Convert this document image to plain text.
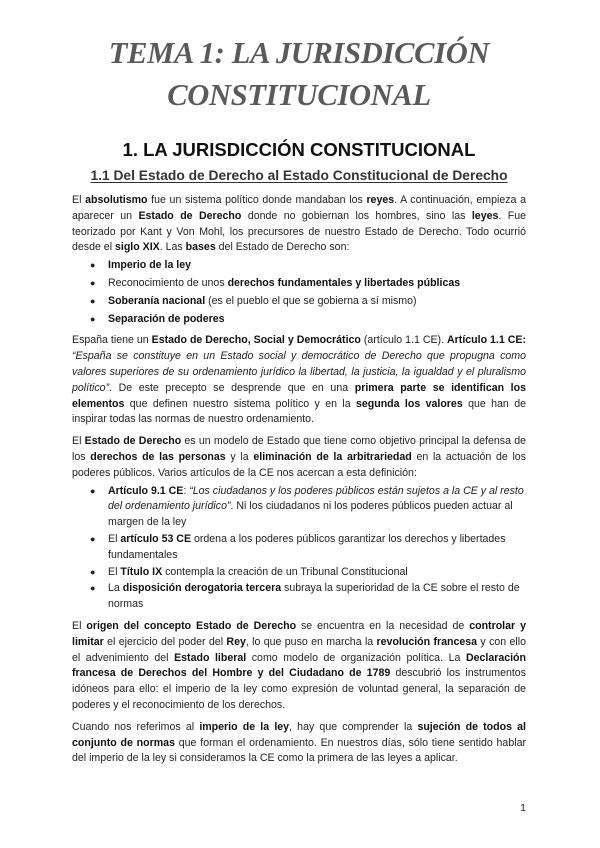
TEMA 1: LA JURISDICCIÓN
CONSTITUCIONAL
1. LA JURISDICCIÓN CONSTITUCIONAL
1.1 Del Estado de Derecho al Estado Constitucional de Derecho

El absolutismo fue un sistema político donde mandaban los reyes. A continuación, empieza a aparecer un Estado de Derecho donde no gobiernan los hombres, sino las leyes. Fue teorizado por Kant y Von Mohl, los precursores de nuestro Estado de Derecho. Todo ocurrió desde el siglo XIX. Las bases del Estado de Derecho son:

● Imperio de la ley
● Reconocimiento de unos derechos fundamentales y libertades públicas
● Soberanía nacional (es el pueblo el que se gobierna a sí mismo)
● Separación de poderes

España tiene un Estado de Derecho, Social y Democrático (artículo 1.1 CE). Artículo 1.1 CE: “España se constituye en un Estado social y democrático de Derecho que propugna como valores superiores de su ordenamiento jurídico la libertad, la justicia, la igualdad y el pluralismo político”. De este precepto se desprende que en una primera parte se identifican los elementos que definen nuestro sistema político y en la segunda los valores que han de inspirar todas las normas de nuestro ordenamiento.

El Estado de Derecho es un modelo de Estado que tiene como objetivo principal la defensa de los derechos de las personas y la eliminación de la arbitrariedad en la actuación de los poderes públicos. Varios artículos de la CE nos acercan a esta definición:

● Artículo 9.1 CE: “Los ciudadanos y los poderes públicos están sujetos a la CE y al resto del ordenamiento jurídico”. Ni los ciudadanos ni los poderes públicos pueden actuar al margen de la ley
● El artículo 53 CE ordena a los poderes públicos garantizar los derechos y libertades fundamentales
● El Título IX contempla la creación de un Tribunal Constitucional
● La disposición derogatoria tercera subraya la superioridad de la CE sobre el resto de normas

El origen del concepto Estado de Derecho se encuentra en la necesidad de controlar y limitar el ejercicio del poder del Rey, lo que puso en marcha la revolución francesa y con ello el advenimiento del Estado liberal como modelo de organización política. La Declaración francesa de Derechos del Hombre y del Ciudadano de 1789 descubrió los instrumentos idóneos para ello: el imperio de la ley como expresión de voluntad general, la separación de poderes y el reconocimiento de los derechos.

Cuando nos referimos al imperio de la ley, hay que comprender la sujeción de todos al conjunto de normas que forman el ordenamiento. En nuestros días, sólo tiene sentido hablar del imperio de la ley si consideramos la CE como la primera de las leyes a aplicar.

1
